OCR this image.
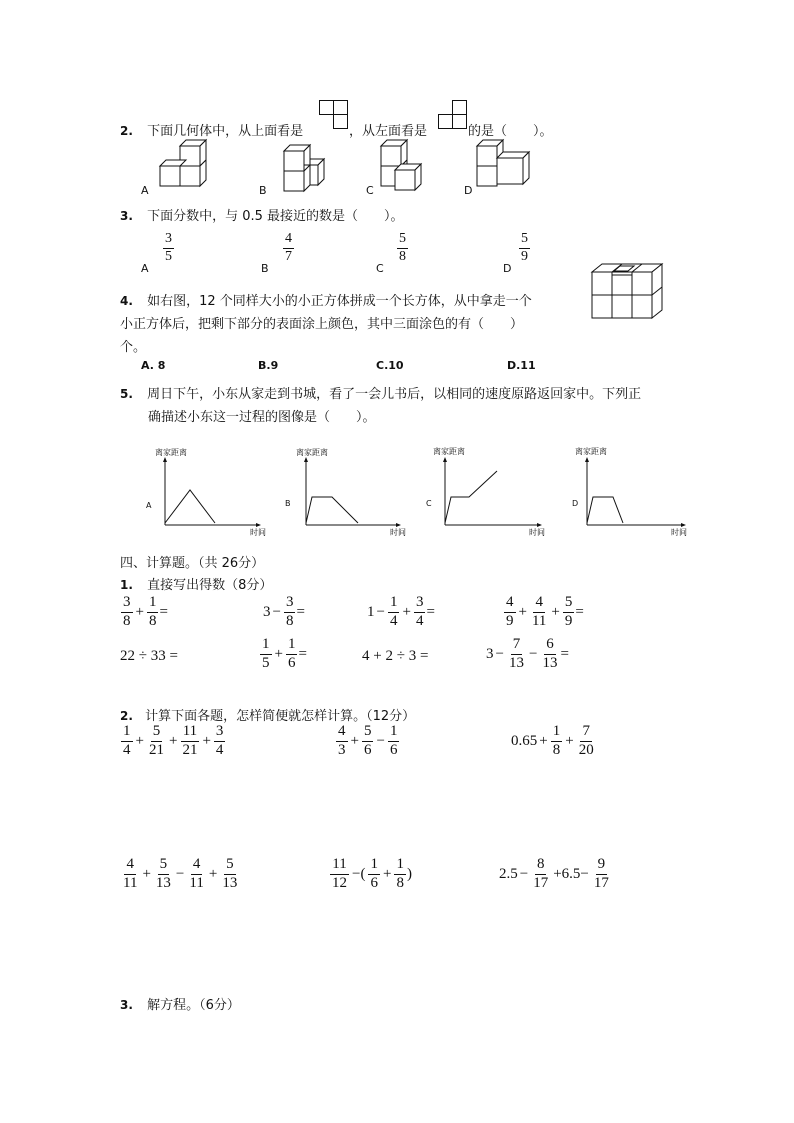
2. 下面几何体中，从上面看是	，从左面看是	的是（　　）。
A	B	C	D
3. 下面分数中，与 0.5 最接近的数是（　　）。
A
$\frac{3}{5}$
B
$\frac{4}{7}$
C
$\frac{5}{8}$
D
$\frac{5}{9}$
4. 如右图，12 个同样大小的小正方体拼成一个长方体，从中拿走一个
小正方体后，把剩下部分的表面涂上颜色，其中三面涂色的有（　　）
个。
A. 8	B.9	C.10	D.11
5. 周日下午，小东从家走到书城，看了一会儿书后，以相同的速度原路返回家中。下列正
确描述小东这一过程的图像是（　　）。
离家距离
A
时间
离家距离
B
时间
离家距离
C
时间
离家距离
D
时间
四、计算题。（共 26分）
1. 直接写出得数（8分）
$\frac{3}{8} + \frac{1}{8}$ =	$3 - \frac{3}{8}$ =	$1 - \frac{1}{4} + \frac{3}{4}$ =	$\frac{4}{9} + \frac{4}{11} + \frac{5}{9}$ =
22 ÷ 33 =	$\frac{1}{5} + \frac{1}{6}$ =	4 + 2 ÷ 3 =	$3 - \frac{7}{13} - \frac{6}{13}$ =
2. 计算下面各题，怎样简便就怎样计算。（12分）
$\frac{1}{4} + \frac{5}{21} + \frac{11}{21} + \frac{3}{4}$	$\frac{4}{3} + \frac{5}{6} - \frac{1}{6}$	$0.65 + \frac{1}{8} + \frac{7}{20}$
$\frac{4}{11} + \frac{5}{13} - \frac{4}{11} + \frac{5}{13}$	$\frac{11}{12}$ −( $\frac{1}{6} + \frac{1}{8}$ )	$2.5 - \frac{8}{17} +6.5- \frac{9}{17}$
3. 解方程。（6分）
